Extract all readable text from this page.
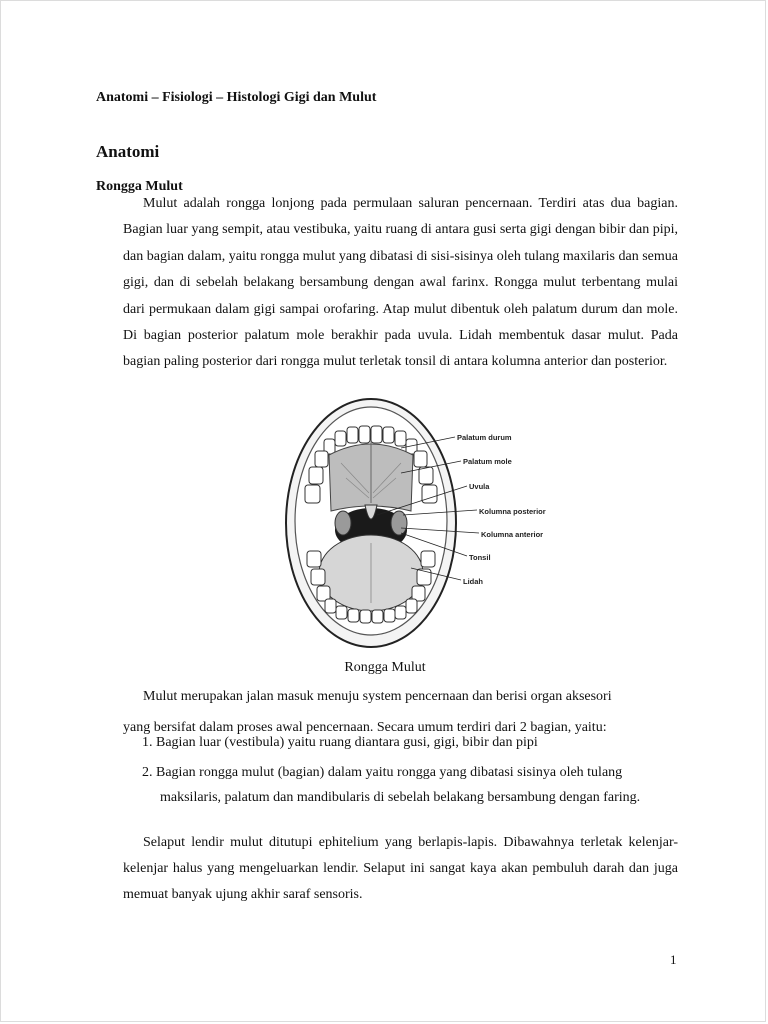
Anatomi – Fisiologi – Histologi Gigi dan Mulut
Anatomi
Rongga Mulut
Mulut adalah rongga lonjong pada permulaan saluran pencernaan. Terdiri atas dua bagian. Bagian luar yang sempit, atau vestibuka, yaitu ruang di antara gusi serta gigi dengan bibir dan pipi, dan bagian dalam, yaitu rongga mulut yang dibatasi di sisi-sisinya oleh tulang maxilaris dan semua gigi, dan di sebelah belakang bersambung dengan awal farinx. Rongga mulut terbentang mulai dari permukaan dalam gigi sampai orofaring. Atap mulut dibentuk oleh palatum durum dan mole. Di bagian posterior palatum mole berakhir pada uvula. Lidah membentuk dasar mulut. Pada bagian paling posterior dari rongga mulut terletak tonsil di antara kolumna anterior dan posterior.
Palatum durum
Palatum mole
Uvula
Kolumna posterior
Kolumna anterior
Tonsil
Lidah
Rongga Mulut
Mulut merupakan jalan masuk menuju system pencernaan dan berisi organ aksesori
yang bersifat dalam proses awal pencernaan. Secara umum terdiri dari 2 bagian, yaitu:
1. Bagian luar (vestibula) yaitu ruang diantara gusi, gigi, bibir dan pipi
2. Bagian rongga mulut (bagian) dalam yaitu rongga yang dibatasi sisinya oleh tulang
maksilaris, palatum dan mandibularis di sebelah belakang bersambung dengan faring.
Selaput lendir mulut ditutupi ephitelium yang berlapis-lapis. Dibawahnya terletak kelenjar-kelenjar halus yang mengeluarkan lendir. Selaput ini sangat kaya akan pembuluh darah dan juga memuat banyak ujung akhir saraf sensoris.
1
